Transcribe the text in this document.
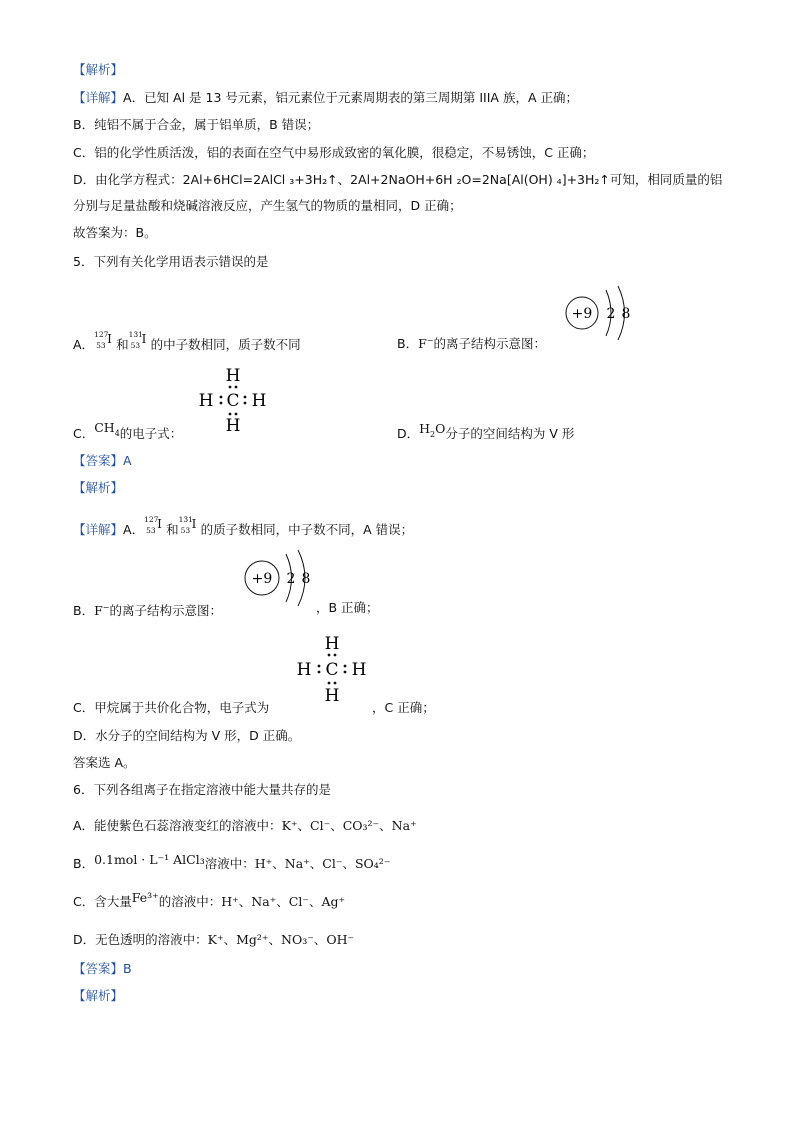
【解析】
【详解】A．已知 Al 是 13 号元素，铝元素位于元素周期表的第三周期第 IIIA 族，A 正确；
B．纯铝不属于合金，属于铝单质，B 错误；
C．铝的化学性质活泼，铝的表面在空气中易形成致密的氧化膜，很稳定，不易锈蚀，C 正确；
D．由化学方程式：2Al+6HCl=2AlCl ₃+3H₂↑、2Al+2NaOH+6H ₂O=2Na[Al(OH) ₄]+3H₂↑可知，相同质量的铝
分别与足量盐酸和烧碱溶液反应，产生氢气的物质的量相同，D 正确；
故答案为：B。
5．下列有关化学用语表示错误的是
A．
127
53 I 和
131
53 I 的中子数相同，质子数不同	B．F−的离子结构示意图：
+9 2 8
H
H C H
H
C．$CH_4$的电子式：	D．$H_2O$分子的空间结构为 V 形
【答案】A
【解析】
【详解】A．
127
53 I 和
131
53 I 的质子数相同，中子数不同，A 错误；
B．F−的离子结构示意图：
+9 2 8
，B 正确；
H
H C H
H
C．甲烷属于共价化合物，电子式为	，C 正确；
D．水分子的空间结构为 V 形，D 正确。
答案选 A。
6．下列各组离子在指定溶液中能大量共存的是
A．能使紫色石蕊溶液变红的溶液中：K⁺、Cl⁻、CO₃²⁻、Na⁺
B．0.1mol · L⁻¹ AlCl₃溶液中：H⁺、Na⁺、Cl⁻、SO₄²⁻
C．含大量Fe³⁺的溶液中：H⁺、Na⁺、Cl⁻、Ag⁺
D．无色透明的溶液中：K⁺、Mg²⁺、NO₃⁻、OH⁻
【答案】B
【解析】
